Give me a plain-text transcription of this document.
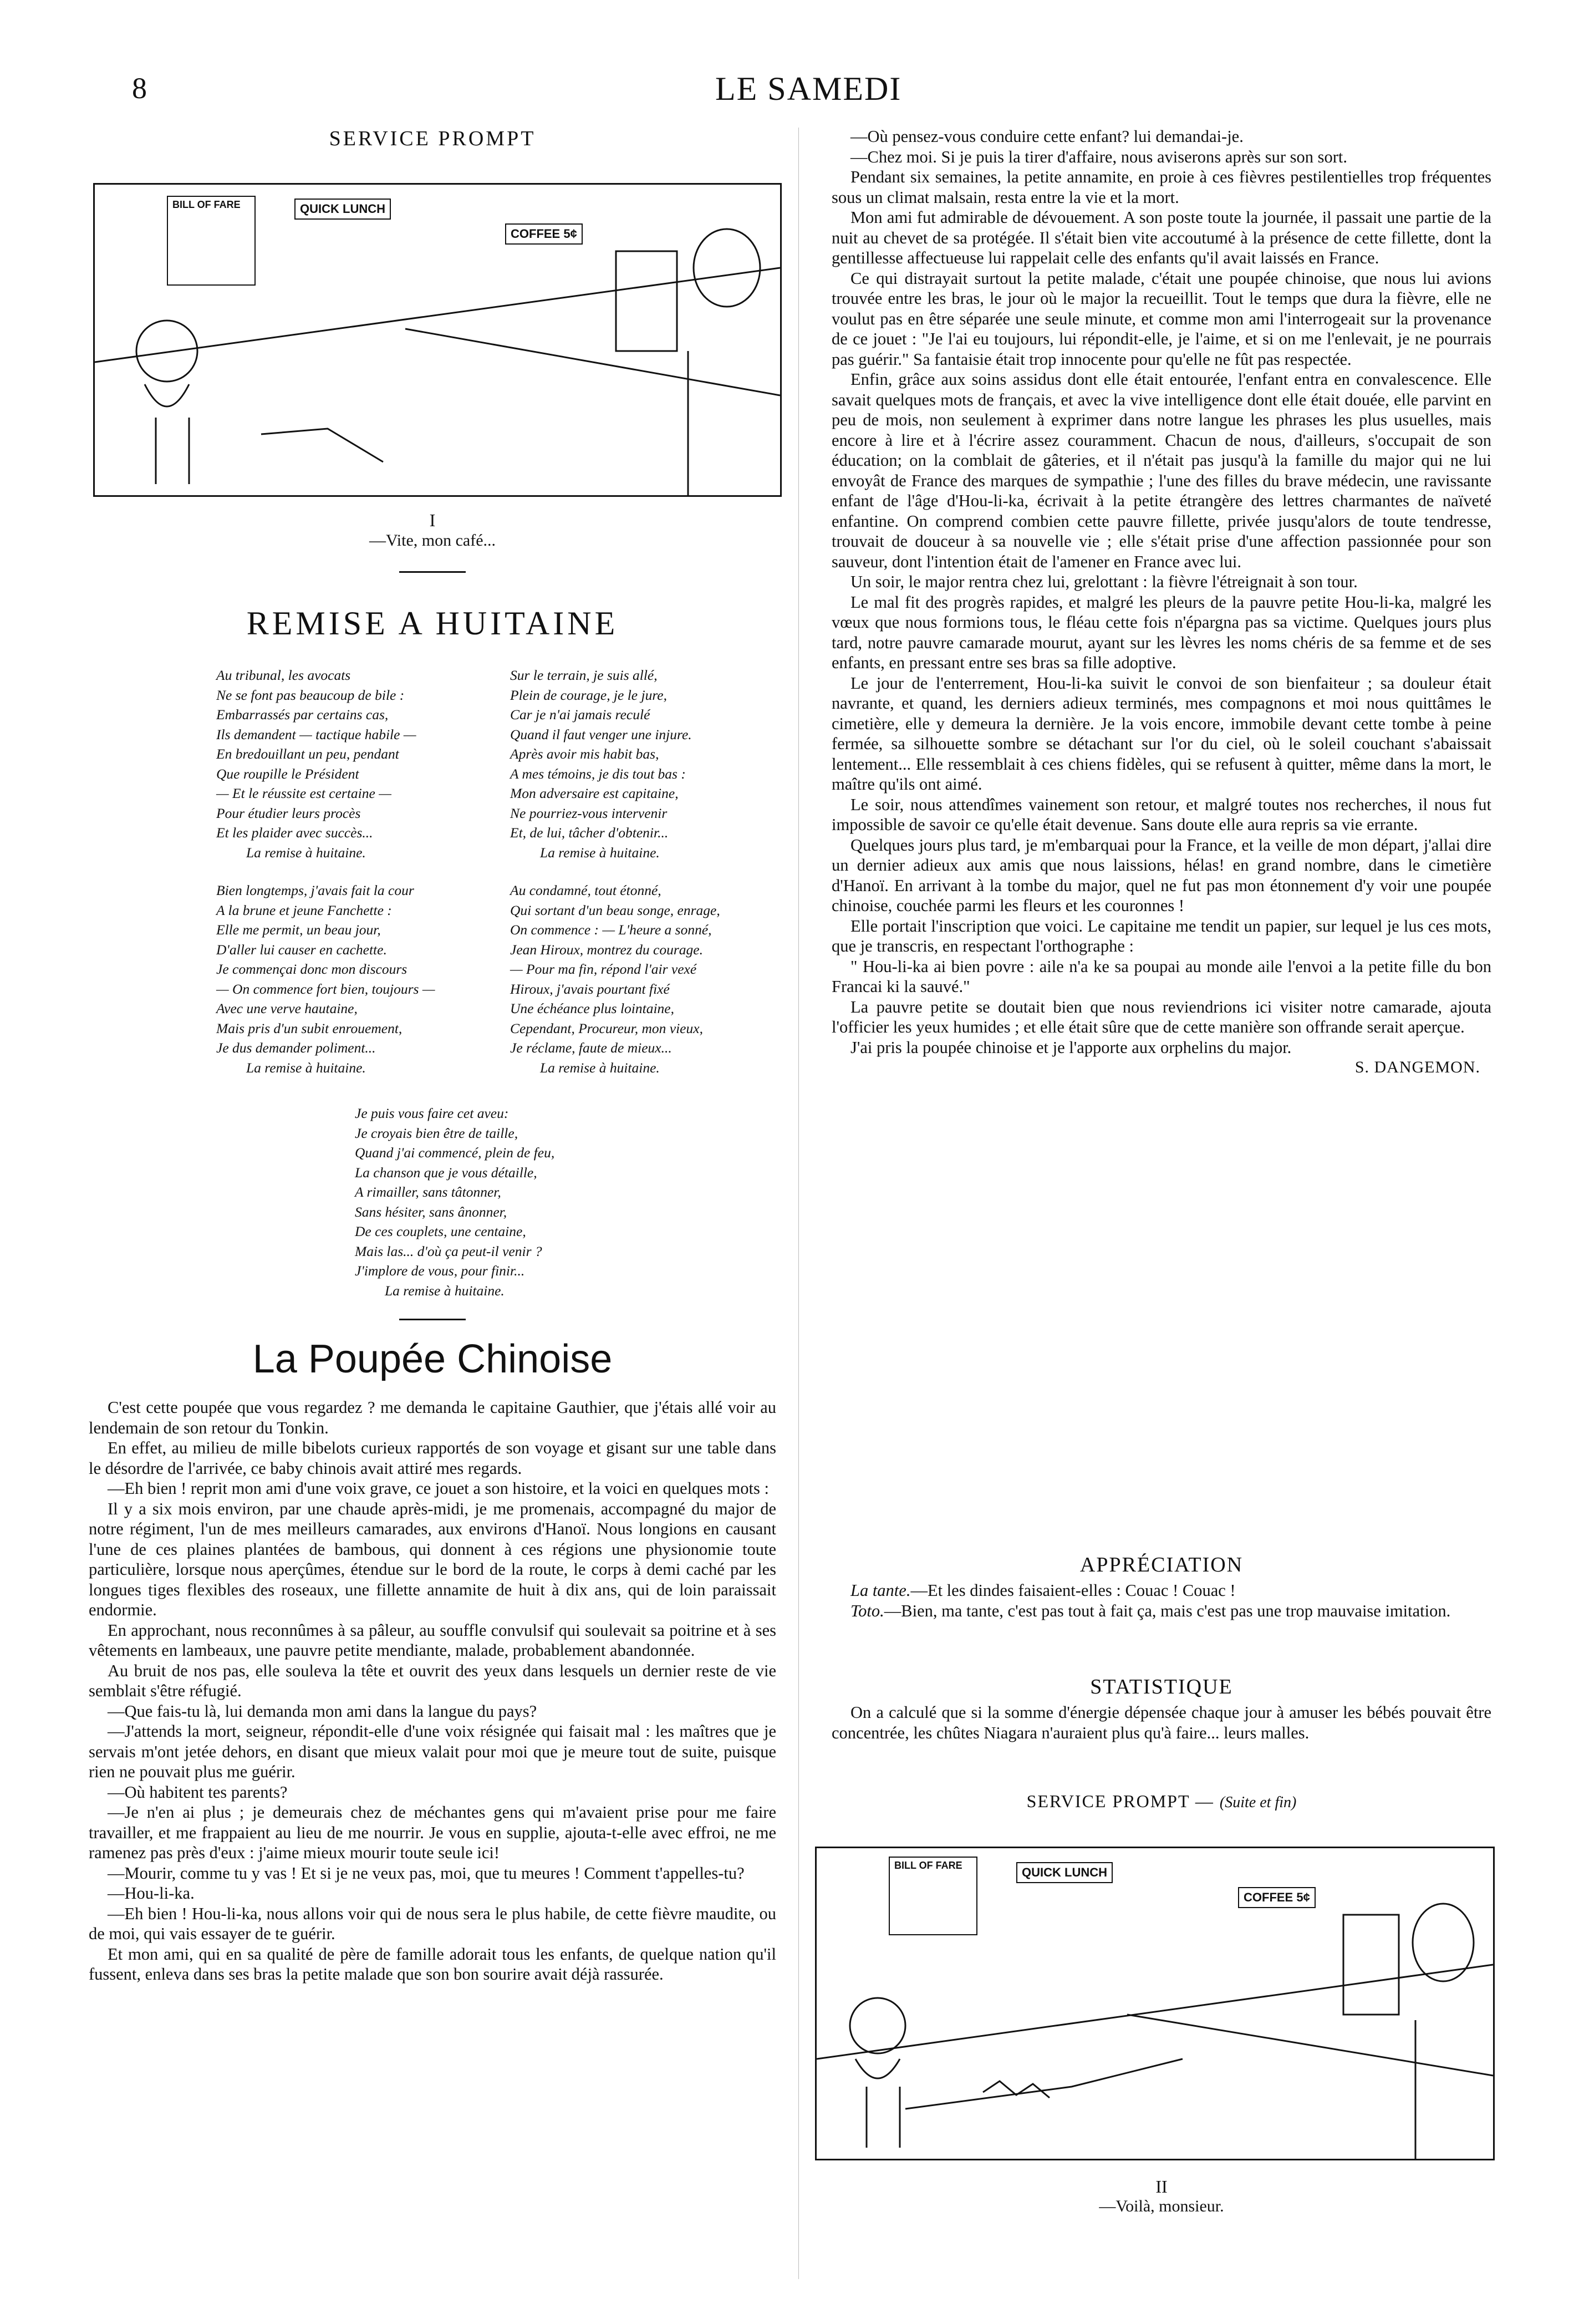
8	LE SAMEDI
SERVICE PROMPT
BILL OF FARE	QUICK LUNCH
COFFEE 5¢
I
—Vite, mon café...
REMISE A HUITAINE
Au tribunal, les avocats
Ne se font pas beaucoup de bile :
Embarrassés par certains cas,
Ils demandent — tactique habile —
En bredouillant un peu, pendant
Que roupille le Président
— Et le réussite est certaine —
Pour étudier leurs procès
Et les plaider avec succès...
La remise à huitaine.
Sur le terrain, je suis allé,
Plein de courage, je le jure,
Car je n'ai jamais reculé
Quand il faut venger une injure.
Après avoir mis habit bas,
A mes témoins, je dis tout bas :
Mon adversaire est capitaine,
Ne pourriez-vous intervenir
Et, de lui, tâcher d'obtenir...
La remise à huitaine.
Bien longtemps, j'avais fait la cour
A la brune et jeune Fanchette :
Elle me permit, un beau jour,
D'aller lui causer en cachette.
Je commençai donc mon discours
— On commence fort bien, toujours —
Avec une verve hautaine,
Mais pris d'un subit enrouement,
Je dus demander poliment...
La remise à huitaine.
Au condamné, tout étonné,
Qui sortant d'un beau songe, enrage,
On commence : — L'heure a sonné,
Jean Hiroux, montrez du courage.
— Pour ma fin, répond l'air vexé
Hiroux, j'avais pourtant fixé
Une échéance plus lointaine,
Cependant, Procureur, mon vieux,
Je réclame, faute de mieux...
La remise à huitaine.
Je puis vous faire cet aveu:
Je croyais bien être de taille,
Quand j'ai commencé, plein de feu,
La chanson que je vous détaille,
A rimailler, sans tâtonner,
Sans hésiter, sans ânonner,
De ces couplets, une centaine,
Mais las... d'où ça peut-il venir ?
J'implore de vous, pour finir...
La remise à huitaine.
La Poupée Chinoise

C'est cette poupée que vous regardez ? me demanda le capitaine Gauthier, que j'étais allé voir au lendemain de son retour du Tonkin.

En effet, au milieu de mille bibelots curieux rapportés de son voyage et gisant sur une table dans le désordre de l'arrivée, ce baby chinois avait attiré mes regards.

—Eh bien ! reprit mon ami d'une voix grave, ce jouet a son histoire, et la voici en quelques mots :

Il y a six mois environ, par une chaude après-midi, je me promenais, accompagné du major de notre régiment, l'un de mes meilleurs camarades, aux environs d'Hanoï. Nous longions en causant l'une de ces plaines plantées de bambous, qui donnent à ces régions une physionomie toute particulière, lorsque nous aperçûmes, étendue sur le bord de la route, le corps à demi caché par les longues tiges flexibles des roseaux, une fillette annamite de huit à dix ans, qui de loin paraissait endormie.

En approchant, nous reconnûmes à sa pâleur, au souffle convulsif qui soulevait sa poitrine et à ses vêtements en lambeaux, une pauvre petite mendiante, malade, probablement abandonnée.

Au bruit de nos pas, elle souleva la tête et ouvrit des yeux dans lesquels un dernier reste de vie semblait s'être réfugié.

—Que fais-tu là, lui demanda mon ami dans la langue du pays?

—J'attends la mort, seigneur, répondit-elle d'une voix résignée qui faisait mal : les maîtres que je servais m'ont jetée dehors, en disant que mieux valait pour moi que je meure tout de suite, puisque rien ne pouvait plus me guérir.

—Où habitent tes parents?

—Je n'en ai plus ; je demeurais chez de méchantes gens qui m'avaient prise pour me faire travailler, et me frappaient au lieu de me nourrir. Je vous en supplie, ajouta-t-elle avec effroi, ne me ramenez pas près d'eux : j'aime mieux mourir toute seule ici!

—Mourir, comme tu y vas ! Et si je ne veux pas, moi, que tu meures ! Comment t'appelles-tu?

—Hou-li-ka.

—Eh bien ! Hou-li-ka, nous allons voir qui de nous sera le plus habile, de cette fièvre maudite, ou de moi, qui vais essayer de te guérir.

Et mon ami, qui en sa qualité de père de famille adorait tous les enfants, de quelque nation qu'il fussent, enleva dans ses bras la petite malade que son bon sourire avait déjà rassurée.

—Où pensez-vous conduire cette enfant? lui demandai-je.

—Chez moi. Si je puis la tirer d'affaire, nous aviserons après sur son sort.

Pendant six semaines, la petite annamite, en proie à ces fièvres pestilentielles trop fréquentes sous un climat malsain, resta entre la vie et la mort.

Mon ami fut admirable de dévouement. A son poste toute la journée, il passait une partie de la nuit au chevet de sa protégée. Il s'était bien vite accoutumé à la présence de cette fillette, dont la gentillesse affectueuse lui rappelait celle des enfants qu'il avait laissés en France.

Ce qui distrayait surtout la petite malade, c'était une poupée chinoise, que nous lui avions trouvée entre les bras, le jour où le major la recueillit. Tout le temps que dura la fièvre, elle ne voulut pas en être séparée une seule minute, et comme mon ami l'interrogeait sur la provenance de ce jouet : "Je l'ai eu toujours, lui répondit-elle, je l'aime, et si on me l'enlevait, je ne pourrais pas guérir." Sa fantaisie était trop innocente pour qu'elle ne fût pas respectée.

Enfin, grâce aux soins assidus dont elle était entourée, l'enfant entra en convalescence. Elle savait quelques mots de français, et avec la vive intelligence dont elle était douée, elle parvint en peu de mois, non seulement à exprimer dans notre langue les phrases les plus usuelles, mais encore à lire et à l'écrire assez couramment. Chacun de nous, d'ailleurs, s'occupait de son éducation; on la comblait de gâteries, et il n'était pas jusqu'à la famille du major qui ne lui envoyât de France des marques de sympathie ; l'une des filles du brave médecin, une ravissante enfant de l'âge d'Hou-li-ka, écrivait à la petite étrangère des lettres charmantes de naïveté enfantine. On comprend combien cette pauvre fillette, privée jusqu'alors de toute tendresse, trouvait de douceur à sa nouvelle vie ; elle s'était prise d'une affection passionnée pour son sauveur, dont l'intention était de l'amener en France avec lui.

Un soir, le major rentra chez lui, grelottant : la fièvre l'étreignait à son tour.

Le mal fit des progrès rapides, et malgré les pleurs de la pauvre petite Hou-li-ka, malgré les vœux que nous formions tous, le fléau cette fois n'épargna pas sa victime. Quelques jours plus tard, notre pauvre camarade mourut, ayant sur les lèvres les noms chéris de sa femme et de ses enfants, en pressant entre ses bras sa fille adoptive.

Le jour de l'enterrement, Hou-li-ka suivit le convoi de son bienfaiteur ; sa douleur était navrante, et quand, les derniers adieux terminés, mes compagnons et moi nous quittâmes le cimetière, elle y demeura la dernière. Je la vois encore, immobile devant cette tombe à peine fermée, sa silhouette sombre se détachant sur l'or du ciel, où le soleil couchant s'abaissait lentement... Elle ressemblait à ces chiens fidèles, qui se refusent à quitter, même dans la mort, le maître qu'ils ont aimé.

Le soir, nous attendîmes vainement son retour, et malgré toutes nos recherches, il nous fut impossible de savoir ce qu'elle était devenue. Sans doute elle aura repris sa vie errante.

Quelques jours plus tard, je m'embarquai pour la France, et la veille de mon départ, j'allai dire un dernier adieux aux amis que nous laissions, hélas! en grand nombre, dans le cimetière d'Hanoï. En arrivant à la tombe du major, quel ne fut pas mon étonnement d'y voir une poupée chinoise, couchée parmi les fleurs et les couronnes !

Elle portait l'inscription que voici. Le capitaine me tendit un papier, sur lequel je lus ces mots, que je transcris, en respectant l'orthographe :

" Hou-li-ka ai bien povre : aile n'a ke sa poupai au monde aile l'envoi a la petite fille du bon Francai ki la sauvé."

La pauvre petite se doutait bien que nous reviendrions ici visiter notre camarade, ajouta l'officier les yeux humides ; et elle était sûre que de cette manière son offrande serait aperçue.

J'ai pris la poupée chinoise et je l'apporte aux orphelins du major.

S. DANGEMON.
APPRÉCIATION

La tante.—Et les dindes faisaient-elles : Couac ! Couac !

Toto.—Bien, ma tante, c'est pas tout à fait ça, mais c'est pas une trop mauvaise imitation.

STATISTIQUE

On a calculé que si la somme d'énergie dépensée chaque jour à amuser les bébés pouvait être concentrée, les chûtes Niagara n'auraient plus qu'à faire... leurs malles.

SERVICE PROMPT — (Suite et fin)
BILL OF FARE	QUICK LUNCH
COFFEE 5¢
II
—Voilà, monsieur.
